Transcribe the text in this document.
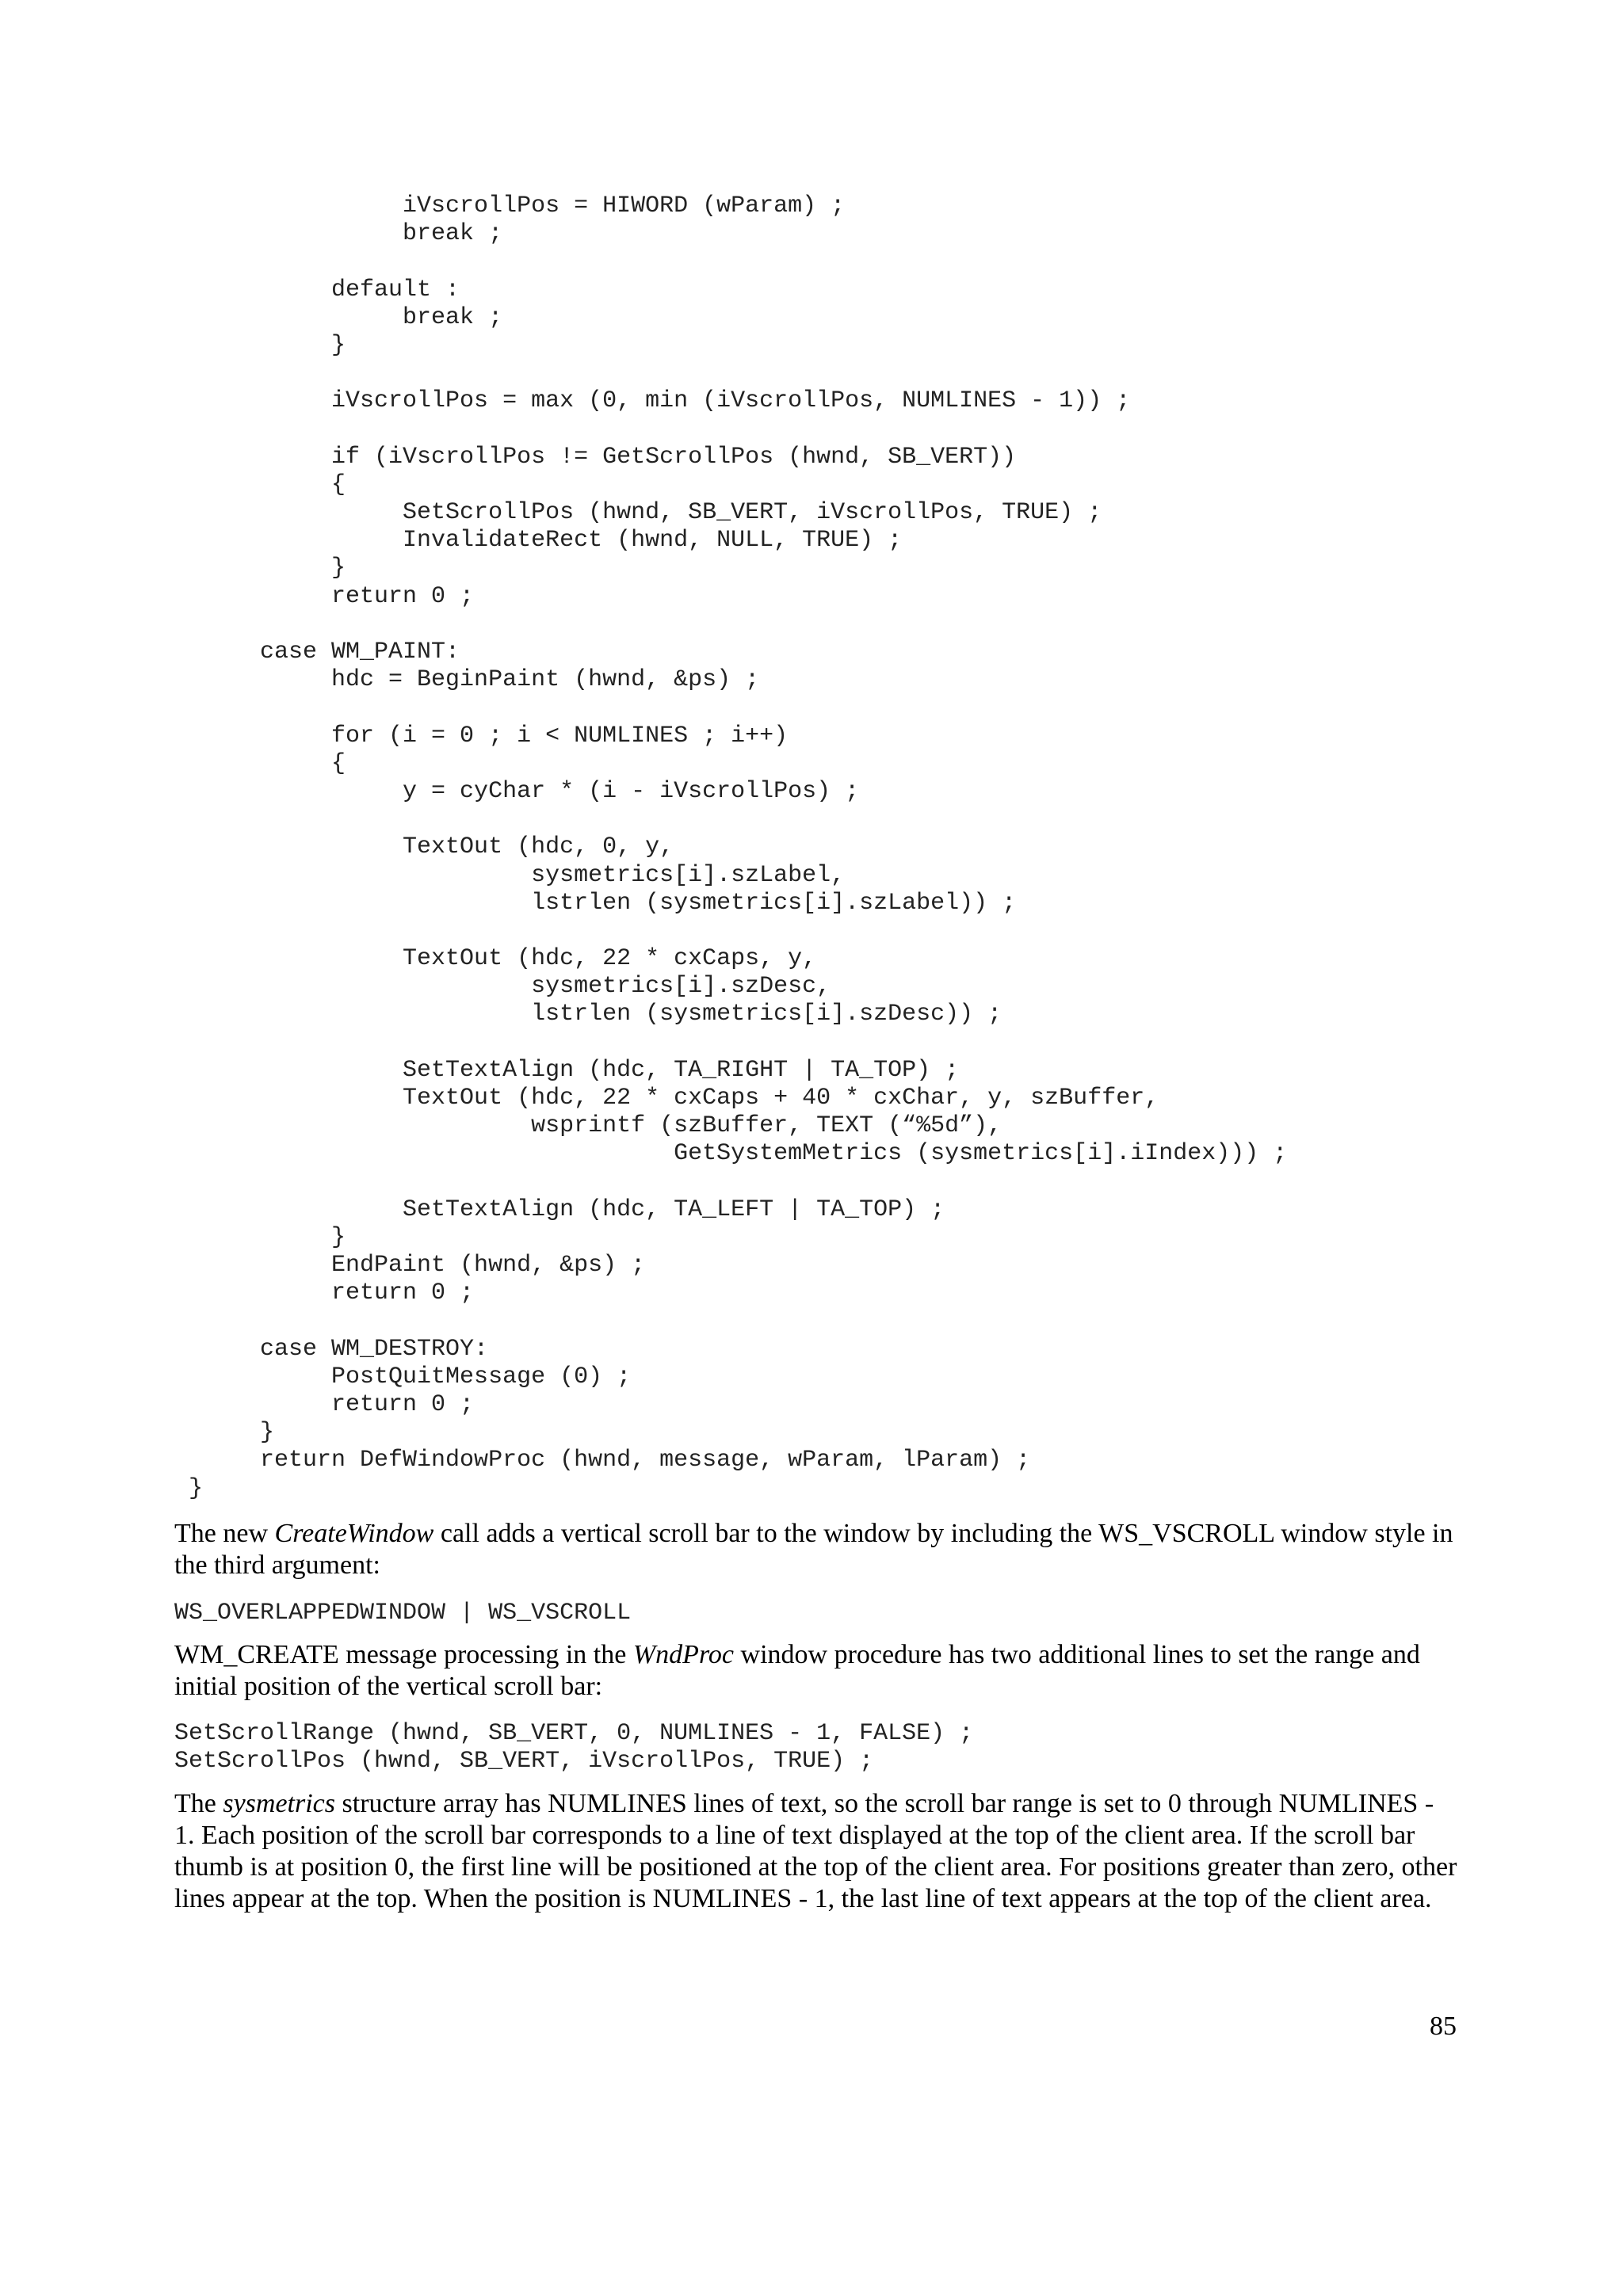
iVscrollPos = HIWORD (wParam) ;
break ;
default :
break ;
}
iVscrollPos = max (0, min (iVscrollPos, NUMLINES - 1)) ;
if (iVscrollPos != GetScrollPos (hwnd, SB_VERT))
{
SetScrollPos (hwnd, SB_VERT, iVscrollPos, TRUE) ;
InvalidateRect (hwnd, NULL, TRUE) ;
}
return 0 ;
case WM_PAINT:
hdc = BeginPaint (hwnd, &ps) ;
for (i = 0 ; i < NUMLINES ; i++)
{
y = cyChar * (i - iVscrollPos) ;
TextOut (hdc, 0, y,
sysmetrics[i].szLabel,
lstrlen (sysmetrics[i].szLabel)) ;
TextOut (hdc, 22 * cxCaps, y,
sysmetrics[i].szDesc,
lstrlen (sysmetrics[i].szDesc)) ;
SetTextAlign (hdc, TA_RIGHT | TA_TOP) ;
TextOut (hdc, 22 * cxCaps + 40 * cxChar, y, szBuffer,
wsprintf (szBuffer, TEXT (“%5d”),
GetSystemMetrics (sysmetrics[i].iIndex))) ;
SetTextAlign (hdc, TA_LEFT | TA_TOP) ;
}
EndPaint (hwnd, &ps) ;
return 0 ;
case WM_DESTROY:
PostQuitMessage (0) ;
return 0 ;
}
return DefWindowProc (hwnd, message, wParam, lParam) ;
}

The new CreateWindow call adds a vertical scroll bar to the window by including the WS_VSCROLL window style in the third argument:

WS_OVERLAPPEDWINDOW | WS_VSCROLL

WM_CREATE message processing in the WndProc window procedure has two additional lines to set the range and initial position of the vertical scroll bar:

SetScrollRange (hwnd, SB_VERT, 0, NUMLINES - 1, FALSE) ;
SetScrollPos (hwnd, SB_VERT, iVscrollPos, TRUE) ;

The sysmetrics structure array has NUMLINES lines of text, so the scroll bar range is set to 0 through NUMLINES - 1. Each position of the scroll bar corresponds to a line of text displayed at the top of the client area. If the scroll bar thumb is at position 0, the first line will be positioned at the top of the client area. For positions greater than zero, other lines appear at the top. When the position is NUMLINES - 1, the last line of text appears at the top of the client area.

85
